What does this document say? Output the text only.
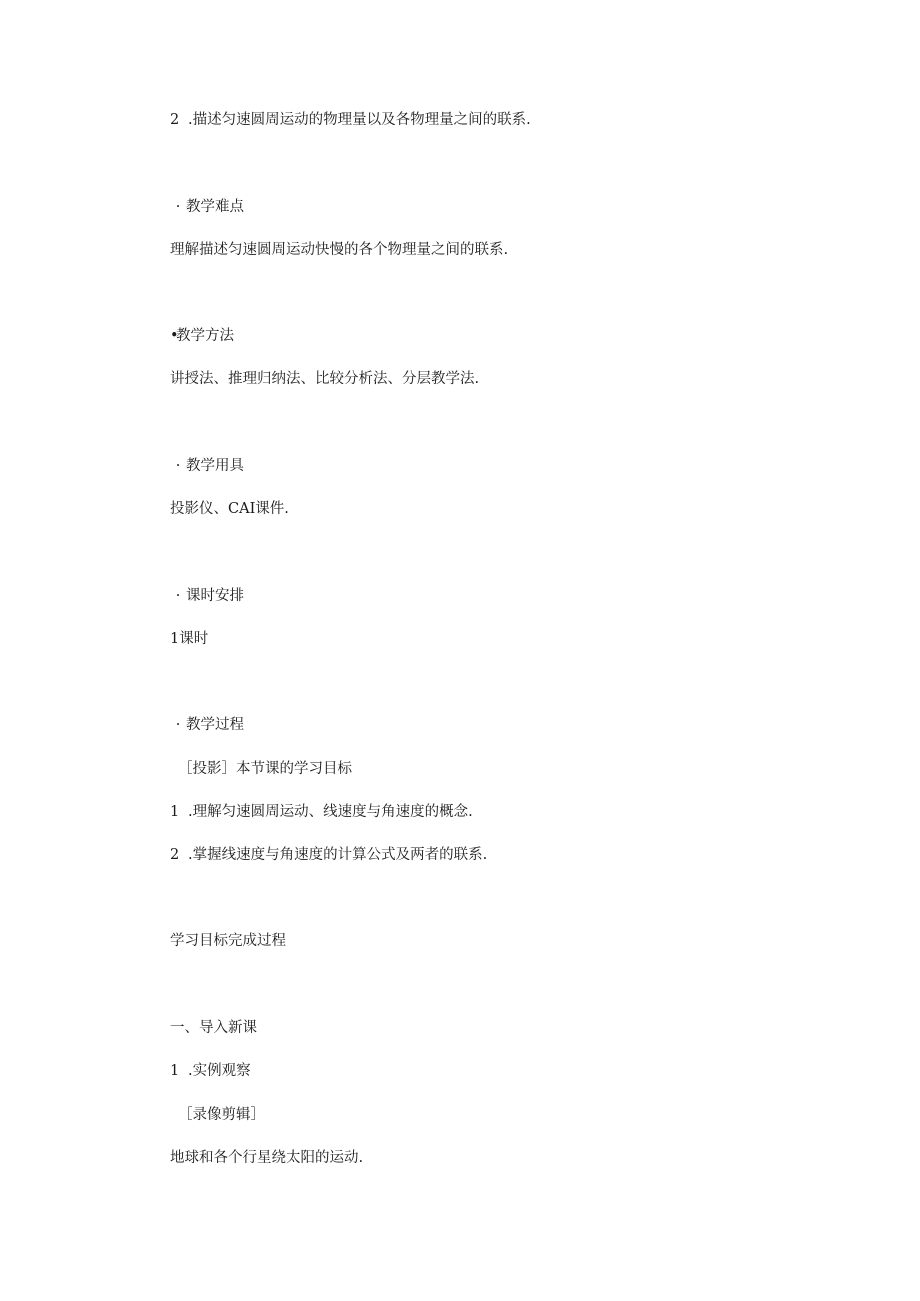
2 .描述匀速圆周运动的物理量以及各物理量之间的联系.
· 教学难点
理解描述匀速圆周运动快慢的各个物理量之间的联系.
•教学方法
讲授法、推理归纳法、比较分析法、分层教学法.
· 教学用具
投影仪、CAI课件.
· 课时安排
1课时
· 教学过程
［投影］本节课的学习目标
1 .理解匀速圆周运动、线速度与角速度的概念.
2 .掌握线速度与角速度的计算公式及两者的联系.
学习目标完成过程
一、导入新课
1 .实例观察
［录像剪辑］
地球和各个行星绕太阳的运动.
